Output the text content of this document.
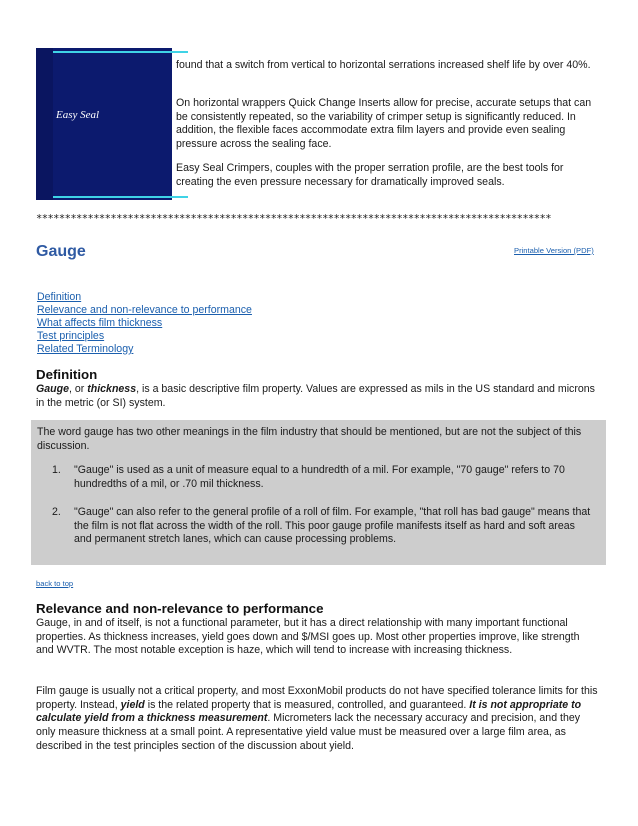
Easy Seal
found that a switch from vertical to horizontal serrations increased shelf life by over 40%.
On horizontal wrappers Quick Change Inserts allow for precise, accurate setups that can be consistently repeated, so the variability of crimper setup is significantly reduced. In addition, the flexible faces accommodate extra film layers and provide even sealing pressure across the sealing face.
Easy Seal Crimpers, couples with the proper serration profile, are the best tools for creating the even pressure necessary for dramatically improved seals.
******************************************************************************************
Gauge	Printable Version (PDF)
Definition
Relevance and non-relevance to performance
What affects film thickness
Test principles
Related Terminology
Definition
Gauge, or thickness, is a basic descriptive film property. Values are expressed as mils in the US standard and microns in the metric (or SI) system.
The word gauge has two other meanings in the film industry that should be mentioned, but are not the subject of this discussion.
1. "Gauge" is used as a unit of measure equal to a hundredth of a mil. For example, "70 gauge" refers to 70 hundredths of a mil, or .70 mil thickness.
2. "Gauge" can also refer to the general profile of a roll of film. For example, "that roll has bad gauge" means that the film is not flat across the width of the roll. This poor gauge profile manifests itself as hard and soft areas and permanent stretch lanes, which can cause processing problems.
back to top
Relevance and non-relevance to performance
Gauge, in and of itself, is not a functional parameter, but it has a direct relationship with many important functional properties. As thickness increases, yield goes down and $/MSI goes up. Most other properties improve, like strength and WVTR. The most notable exception is haze, which will tend to increase with increasing thickness.
Film gauge is usually not a critical property, and most ExxonMobil products do not have specified tolerance limits for this property. Instead, yield is the related property that is measured, controlled, and guaranteed. It is not appropriate to calculate yield from a thickness measurement. Micrometers lack the necessary accuracy and precision, and they only measure thickness at a small point. A representative yield value must be measured over a large film area, as described in the test principles section of the discussion about yield.
